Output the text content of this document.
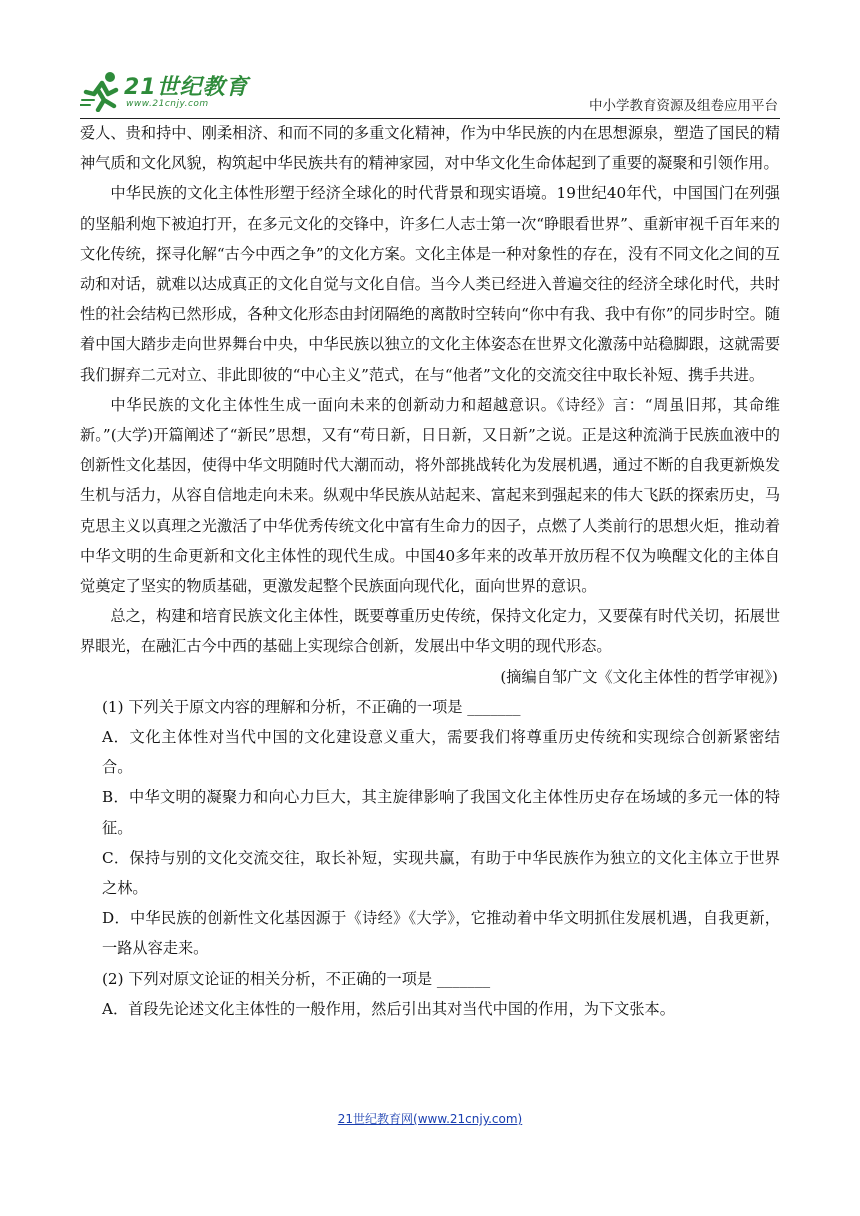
21世纪教育
www.21cnjy.com	中小学教育资源及组卷应用平台

爱人、贵和持中、刚柔相济、和而不同的多重文化精神，作为中华民族的内在思想源泉，塑造了国民的精神气质和文化风貌，构筑起中华民族共有的精神家园，对中华文化生命体起到了重要的凝聚和引领作用。

中华民族的文化主体性形塑于经济全球化的时代背景和现实语境。19世纪40年代，中国国门在列强的坚船利炮下被迫打开，在多元文化的交锋中，许多仁人志士第一次“睁眼看世界”、重新审视千百年来的文化传统，探寻化解“古今中西之争”的文化方案。文化主体是一种对象性的存在，没有不同文化之间的互动和对话，就难以达成真正的文化自觉与文化自信。当今人类已经进入普遍交往的经济全球化时代，共时性的社会结构已然形成，各种文化形态由封闭隔绝的离散时空转向“你中有我、我中有你”的同步时空。随着中国大踏步走向世界舞台中央，中华民族以独立的文化主体姿态在世界文化激荡中站稳脚跟，这就需要我们摒弃二元对立、非此即彼的“中心主义”范式，在与“他者”文化的交流交往中取长补短、携手共进。

中华民族的文化主体性生成一面向未来的创新动力和超越意识。《诗经》言：“周虽旧邦，其命维新。”(大学)开篇阐述了“新民”思想，又有“苟日新，日日新，又日新”之说。正是这种流淌于民族血液中的创新性文化基因，使得中华文明随时代大潮而动，将外部挑战转化为发展机遇，通过不断的自我更新焕发生机与活力，从容自信地走向未来。纵观中华民族从站起来、富起来到强起来的伟大飞跃的探索历史，马克思主义以真理之光激活了中华优秀传统文化中富有生命力的因子，点燃了人类前行的思想火炬，推动着中华文明的生命更新和文化主体性的现代生成。中国40多年来的改革开放历程不仅为唤醒文化的主体自觉奠定了坚实的物质基础，更激发起整个民族面向现代化，面向世界的意识。

总之，构建和培育民族文化主体性，既要尊重历史传统，保持文化定力，又要葆有时代关切，拓展世界眼光，在融汇古今中西的基础上实现综合创新，发展出中华文明的现代形态。

(摘编自邹广文《文化主体性的哲学审视》)

(1) 下列关于原文内容的理解和分析，不正确的一项是 _______

A．文化主体性对当代中国的文化建设意义重大，需要我们将尊重历史传统和实现综合创新紧密结合。

B．中华文明的凝聚力和向心力巨大，其主旋律影响了我国文化主体性历史存在场域的多元一体的特征。

C．保持与别的文化交流交往，取长补短，实现共赢，有助于中华民族作为独立的文化主体立于世界之林。

D．中华民族的创新性文化基因源于《诗经》《大学》，它推动着中华文明抓住发展机遇，自我更新，一路从容走来。

(2) 下列对原文论证的相关分析，不正确的一项是 _______

A．首段先论述文化主体性的一般作用，然后引出其对当代中国的作用，为下文张本。

21世纪教育网(www.21cnjy.com)
